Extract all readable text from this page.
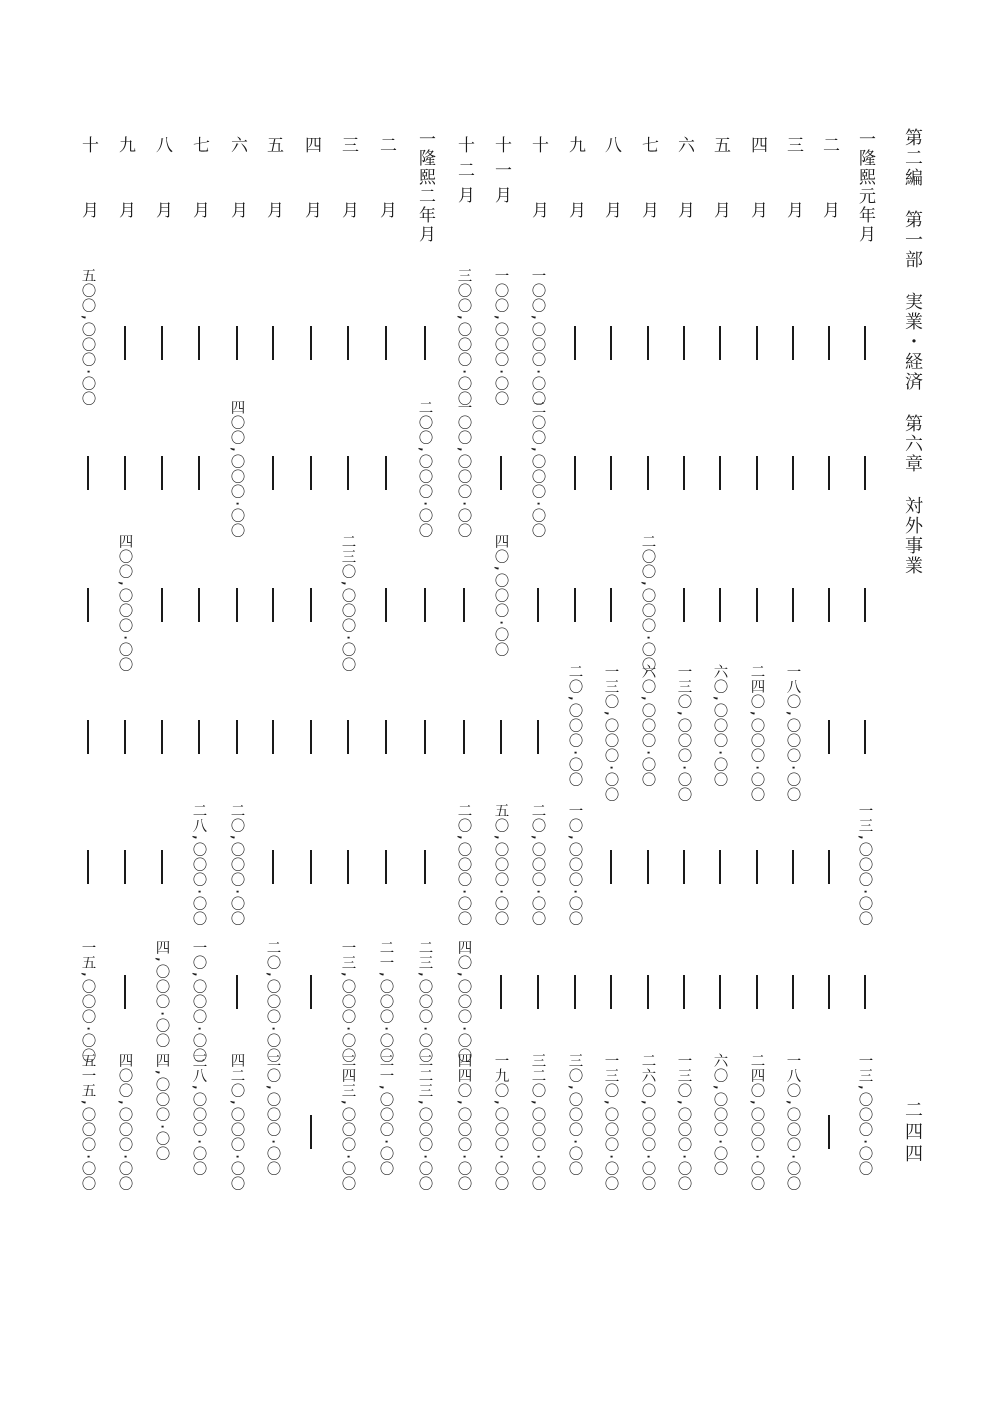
第二編第一部実業・経済第六章対外事業
二四四
一隆熙元年月
一三,〇〇〇·〇〇
一三,〇〇〇·〇〇
二月
三月
一八〇,〇〇〇·〇〇
一八〇,〇〇〇·〇〇
四月
二四〇,〇〇〇·〇〇
二四〇,〇〇〇·〇〇
五月
六〇,〇〇〇·〇〇
六〇,〇〇〇·〇〇
六月
一三〇,〇〇〇·〇〇
一三〇,〇〇〇·〇〇
七月
二〇〇,〇〇〇·〇〇
六〇,〇〇〇·〇〇
二六〇,〇〇〇·〇〇
八月
一三〇,〇〇〇·〇〇
一三〇,〇〇〇·〇〇
九月
二〇,〇〇〇·〇〇
一〇,〇〇〇·〇〇
三〇,〇〇〇·〇〇
十月
一〇〇,〇〇〇·〇〇
二〇〇,〇〇〇·〇〇
二〇,〇〇〇·〇〇
三二〇,〇〇〇·〇〇
十一月
一〇〇,〇〇〇·〇〇
四〇,〇〇〇·〇〇
五〇,〇〇〇·〇〇
一九〇,〇〇〇·〇〇
十二月
三〇〇,〇〇〇·〇〇
一〇〇,〇〇〇·〇〇
二〇,〇〇〇·〇〇
四〇,〇〇〇·〇〇
四四〇,〇〇〇·〇〇
一隆熙二年月
二〇〇,〇〇〇·〇〇
二三,〇〇〇·〇〇
二二三,〇〇〇·〇〇
二月
二一,〇〇〇·〇〇
二一,〇〇〇·〇〇
三月
二三〇,〇〇〇·〇〇
一三,〇〇〇·〇〇
二四三,〇〇〇·〇〇
四月
五月
二〇,〇〇〇·〇〇
二〇,〇〇〇·〇〇
六月
四〇〇,〇〇〇·〇〇
二〇,〇〇〇·〇〇
四二〇,〇〇〇·〇〇
七月
二八,〇〇〇·〇〇
一〇,〇〇〇·〇〇
三八,〇〇〇·〇〇
八月
四,〇〇〇·〇〇
四,〇〇〇·〇〇
九月
四〇〇,〇〇〇·〇〇
四〇〇,〇〇〇·〇〇
十月
五〇〇,〇〇〇·〇〇
一五,〇〇〇·〇〇
五一五,〇〇〇·〇〇
